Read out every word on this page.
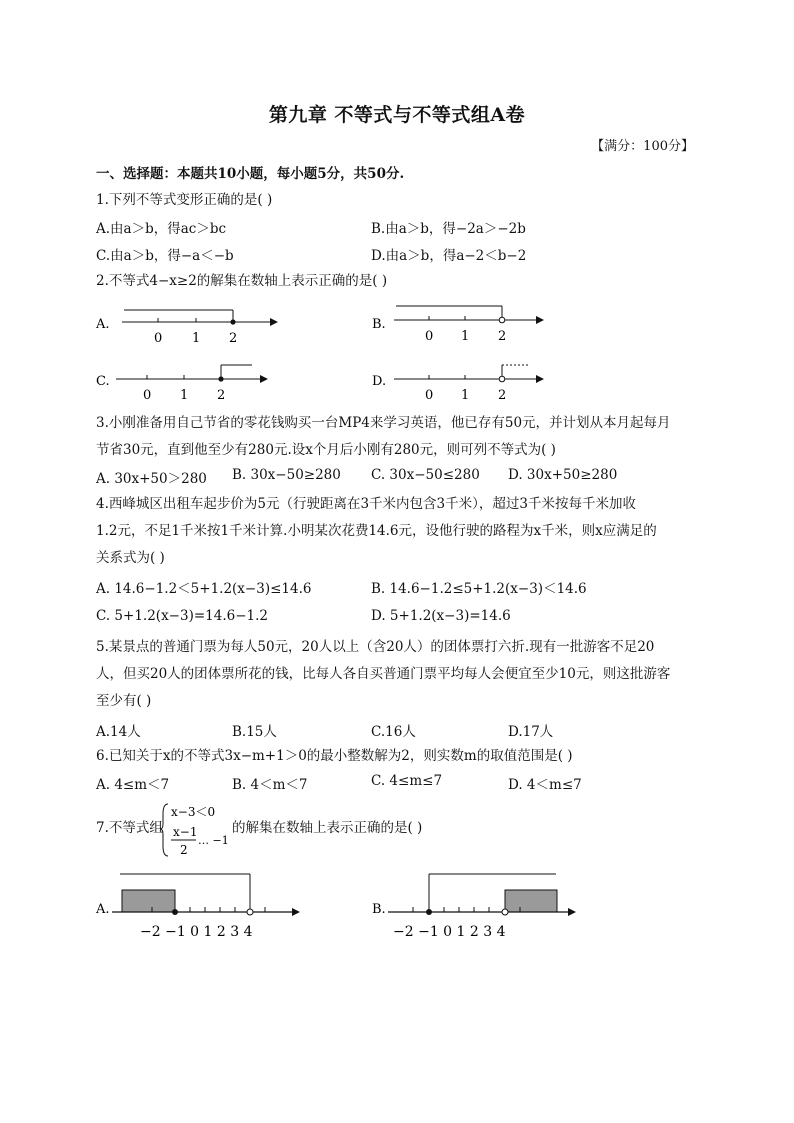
第九章 不等式与不等式组A卷
【满分：100分】
一、选择题：本题共10小题，每小题5分，共50分.
1.下列不等式变形正确的是( )
A.由a＞b，得ac＞bc	B.由a＞b，得−2a＞−2b
C.由a＞b，得−a＜−b	D.由a＞b，得a−2＜b−2
2.不等式4−x≥2的解集在数轴上表示正确的是( )
A.
0 1 2
B.
0 1 2
C.
0 1 2
D.
0 1 2
3.小刚准备用自己节省的零花钱购买一台MP4来学习英语，他已存有50元，并计划从本月起每月
节省30元，直到他至少有280元.设x个月后小刚有280元，则可列不等式为( )
A. 30x+50＞280 B. 30x−50≥280 C. 30x−50≤280 D. 30x+50≥280
4.西峰城区出租车起步价为5元（行驶距离在3千米内包含3千米），超过3千米按每千米加收
1.2元，不足1千米按1千米计算.小明某次花费14.6元，设他行驶的路程为x千米，则x应满足的
关系式为( )
A. 14.6−1.2＜5+1.2(x−3)≤14.6	B. 14.6−1.2≤5+1.2(x−3)＜14.6
C. 5+1.2(x−3)=14.6−1.2	D. 5+1.2(x−3)=14.6
5.某景点的普通门票为每人50元，20人以上（含20人）的团体票打六折.现有一批游客不足20
人，但买20人的团体票所花的钱，比每人各自买普通门票平均每人会便宜至少10元，则这批游客
至少有( )
A.14人	B.15人	C.16人	D.17人
6.已知关于x的不等式3x−m+1＞0的最小整数解为2，则实数m的取值范围是( )
A. 4≤m＜7	B. 4＜m＜7	C. 4≤m≤7	D. 4＜m≤7
7.不等式组
x−3＜0
x−1
2
… −1
的解集在数轴上表示正确的是( )
A.
−2 −1 0 1 2 3 4
B.
−2 −1 0 1 2 3 4
